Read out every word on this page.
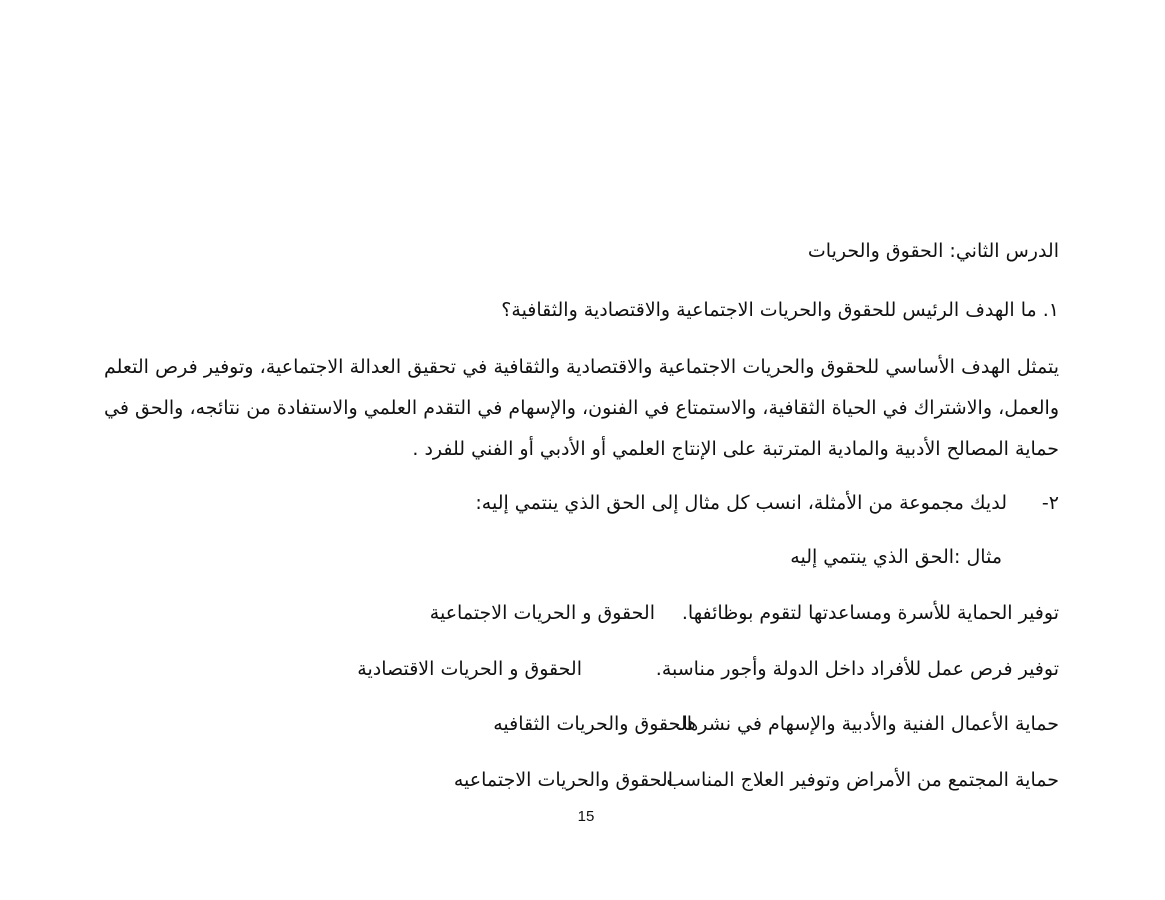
الدرس الثاني: الحقوق والحريات
١. ما الهدف الرئيس للحقوق والحريات الاجتماعية والاقتصادية والثقافية؟
يتمثل الهدف الأساسي للحقوق والحريات الاجتماعية والاقتصادية والثقافية في تحقيق العدالة الاجتماعية، وتوفير فرص التعلم والعمل، والاشتراك في الحياة الثقافية، والاستمتاع في الفنون، والإسهام في التقدم العلمي والاستفادة من نتائجه، والحق في حماية المصالح الأدبية والمادية المترتبة على الإنتاج العلمي أو الأدبي أو الفني للفرد .
٢-لديك مجموعة من الأمثلة، انسب كل مثال إلى الحق الذي ينتمي إليه:
مثال :الحق الذي ينتمي إليه
توفير الحماية للأسرة ومساعدتها لتقوم بوظائفها.الحقوق و الحريات الاجتماعية
توفير فرص عمل للأفراد داخل الدولة وأجور مناسبة.الحقوق و الحريات الاقتصادية
حماية الأعمال الفنية والأدبية والإسهام في نشرها.الحقوق والحريات الثقافيه
حماية المجتمع من الأمراض وتوفير العلاج المناسب.الحقوق والحريات الاجتماعيه
15
